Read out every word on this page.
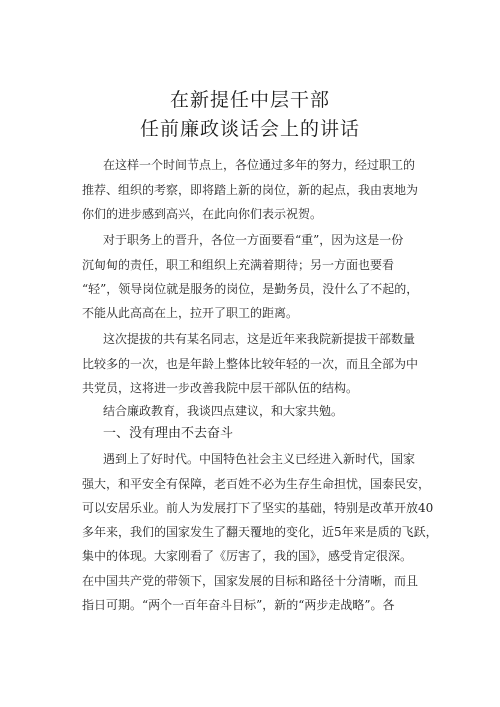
在新提任中层干部
任前廉政谈话会上的讲话
在这样一个时间节点上，各位通过多年的努力，经过职工的
推荐、组织的考察，即将踏上新的岗位，新的起点，我由衷地为
你们的进步感到高兴，在此向你们表示祝贺。
对于职务上的晋升，各位一方面要看“重”，因为这是一份
沉甸甸的责任，职工和组织上充满着期待；另一方面也要看
“轻”，领导岗位就是服务的岗位，是勤务员，没什么了不起的，
不能从此高高在上，拉开了职工的距离。
这次提拔的共有某名同志，这是近年来我院新提拔干部数量
比较多的一次，也是年龄上整体比较年轻的一次，而且全部为中
共党员，这将进一步改善我院中层干部队伍的结构。
结合廉政教育，我谈四点建议，和大家共勉。
一、没有理由不去奋斗
遇到上了好时代。中国特色社会主义已经进入新时代，国家
强大，和平安全有保障，老百姓不必为生存生命担忧，国泰民安，
可以安居乐业。前人为发展打下了坚实的基础，特别是改革开放40
多年来，我们的国家发生了翻天覆地的变化，近5年来是质的飞跃，
集中的体现。大家刚看了《厉害了，我的国》，感受肯定很深。
在中国共产党的带领下，国家发展的目标和路径十分清晰，而且
指日可期。“两个一百年奋斗目标”，新的“两步走战略”。各
